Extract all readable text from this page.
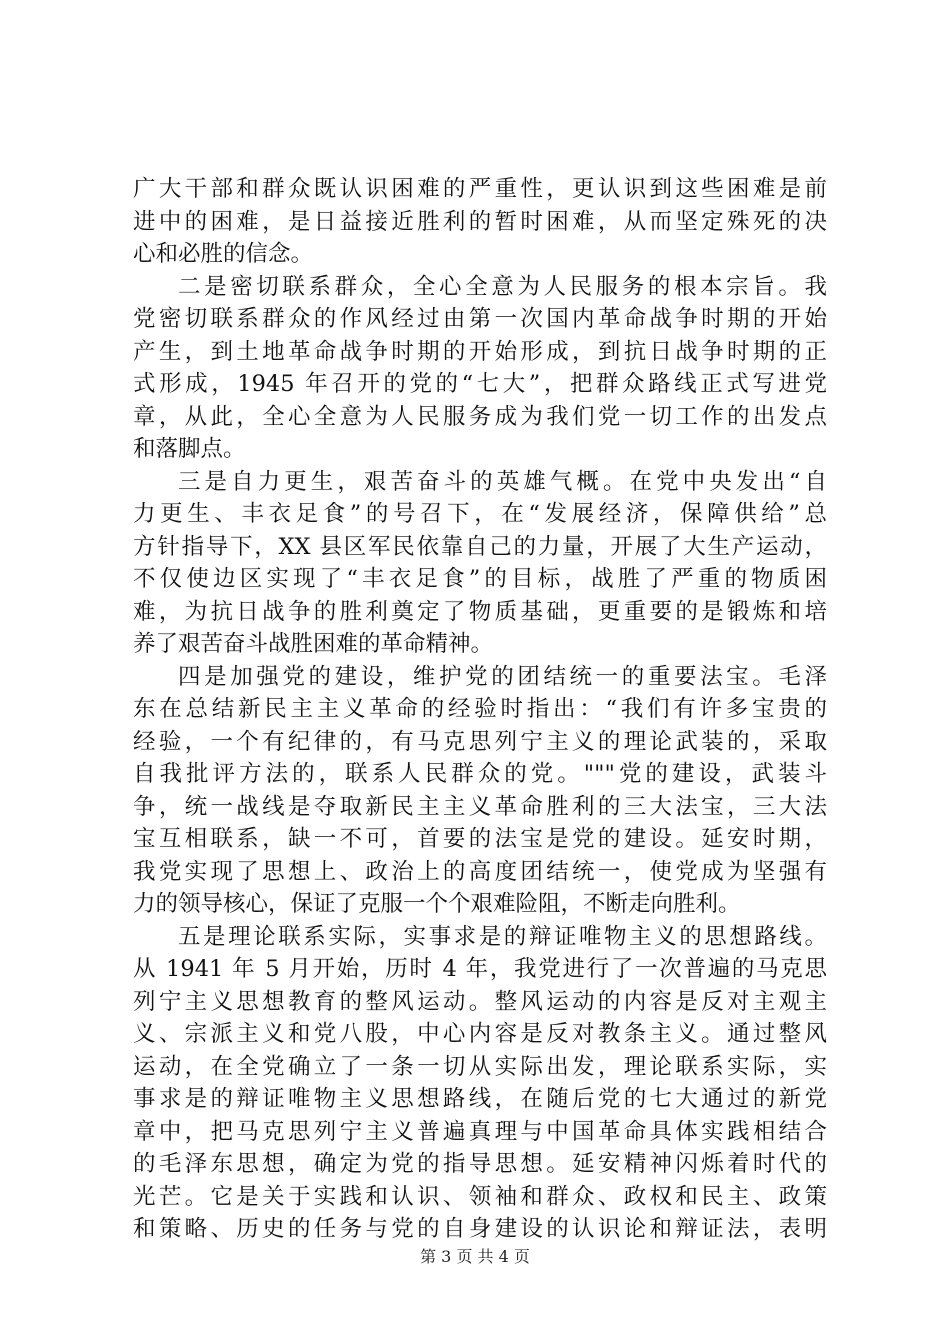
广大干部和群众既认识困难的严重性，更认识到这些困难是前
进中的困难，是日益接近胜利的暂时困难，从而坚定殊死的决
心和必胜的信念。
二是密切联系群众，全心全意为人民服务的根本宗旨。我
党密切联系群众的作风经过由第一次国内革命战争时期的开始
产生，到土地革命战争时期的开始形成，到抗日战争时期的正
式形成，1945 年召开的党的“七大”，把群众路线正式写进党
章，从此，全心全意为人民服务成为我们党一切工作的出发点
和落脚点。
三是自力更生，艰苦奋斗的英雄气概。在党中央发出“自
力更生、丰衣足食”的号召下，在“发展经济，保障供给”总
方针指导下，XX 县区军民依靠自己的力量，开展了大生产运动，
不仅使边区实现了“丰衣足食”的目标，战胜了严重的物质困
难，为抗日战争的胜利奠定了物质基础，更重要的是锻炼和培
养了艰苦奋斗战胜困难的革命精神。
四是加强党的建设，维护党的团结统一的重要法宝。毛泽
东在总结新民主主义革命的经验时指出：“我们有许多宝贵的
经验，一个有纪律的，有马克思列宁主义的理论武装的，采取
自我批评方法的，联系人民群众的党。"""党的建设，武装斗
争，统一战线是夺取新民主主义革命胜利的三大法宝，三大法
宝互相联系，缺一不可，首要的法宝是党的建设。延安时期，
我党实现了思想上、政治上的高度团结统一，使党成为坚强有
力的领导核心，保证了克服一个个艰难险阻，不断走向胜利。
五是理论联系实际，实事求是的辩证唯物主义的思想路线。
从 1941 年 5 月开始，历时 4 年，我党进行了一次普遍的马克思
列宁主义思想教育的整风运动。整风运动的内容是反对主观主
义、宗派主义和党八股，中心内容是反对教条主义。通过整风
运动，在全党确立了一条一切从实际出发，理论联系实际，实
事求是的辩证唯物主义思想路线，在随后党的七大通过的新党
章中，把马克思列宁主义普遍真理与中国革命具体实践相结合
的毛泽东思想，确定为党的指导思想。延安精神闪烁着时代的
光芒。它是关于实践和认识、领袖和群众、政权和民主、政策
和策略、历史的任务与党的自身建设的认识论和辩证法，表明
第 3 页 共 4 页
